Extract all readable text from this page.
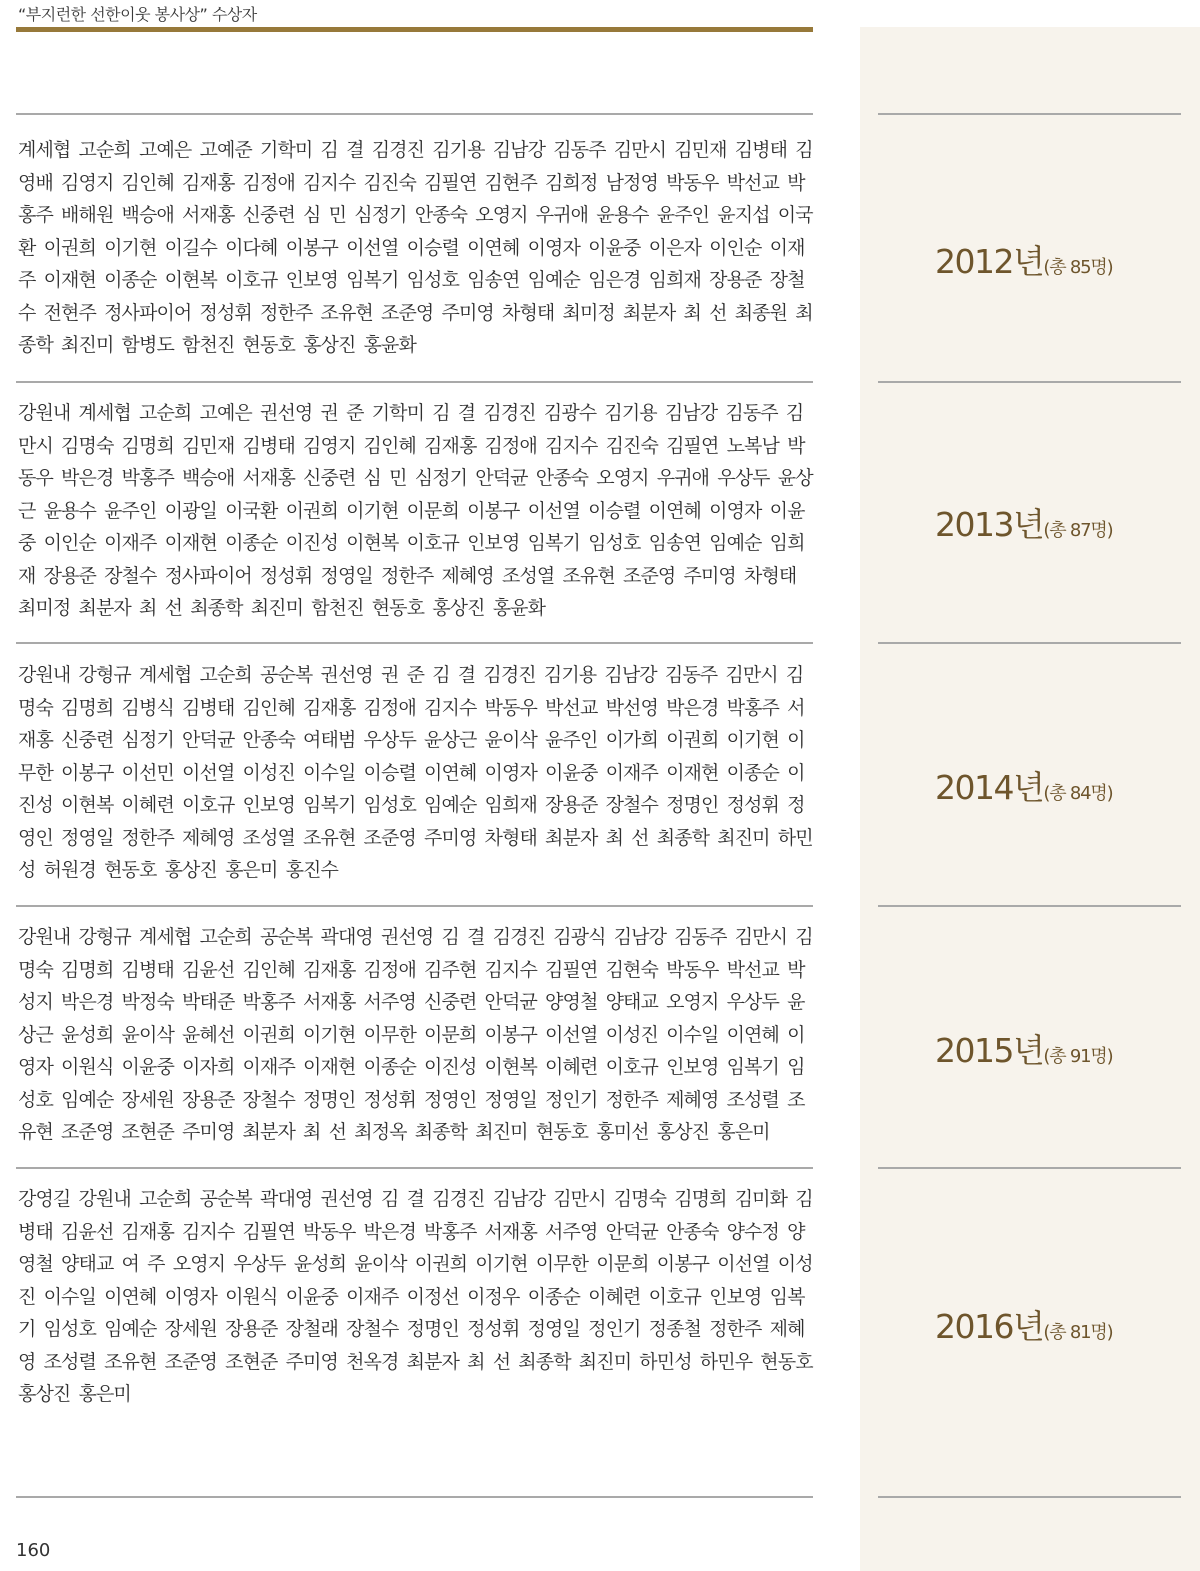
“부지런한 선한이웃 봉사상” 수상자
계세협 고순희 고예은 고예준 기학미 김 결 김경진 김기용 김남강 김동주 김만시 김민재 김병태 김영배 김영지 김인혜 김재홍 김정애 김지수 김진숙 김필연 김현주 김희정 남정영 박동우 박선교 박홍주 배해원 백승애 서재홍 신중련 심 민 심정기 안종숙 오영지 우귀애 윤용수 윤주인 윤지섭 이국환 이권희 이기현 이길수 이다혜 이봉구 이선열 이승렬 이연혜 이영자 이윤중 이은자 이인순 이재주 이재현 이종순 이현복 이호규 인보영 임복기 임성호 임송연 임예순 임은경 임희재 장용준 장철수 전현주 정사파이어 정성휘 정한주 조유현 조준영 주미영 차형태 최미정 최분자 최 선 최종원 최종학 최진미 함병도 함천진 현동호 홍상진 홍윤화
2012년(총 85명)
강원내 계세협 고순희 고예은 권선영 권 준 기학미 김 결 김경진 김광수 김기용 김남강 김동주 김만시 김명숙 김명희 김민재 김병태 김영지 김인혜 김재홍 김정애 김지수 김진숙 김필연 노복남 박동우 박은경 박홍주 백승애 서재홍 신중련 심 민 심정기 안덕균 안종숙 오영지 우귀애 우상두 윤상근 윤용수 윤주인 이광일 이국환 이권희 이기현 이문희 이봉구 이선열 이승렬 이연혜 이영자 이윤중 이인순 이재주 이재현 이종순 이진성 이현복 이호규 인보영 임복기 임성호 임송연 임예순 임희재 장용준 장철수 정사파이어 정성휘 정영일 정한주 제혜영 조성열 조유현 조준영 주미영 차형태 최미정 최분자 최 선 최종학 최진미 함천진 현동호 홍상진 홍윤화
2013년(총 87명)
강원내 강형규 계세협 고순희 공순복 권선영 권 준 김 결 김경진 김기용 김남강 김동주 김만시 김명숙 김명희 김병식 김병태 김인혜 김재홍 김정애 김지수 박동우 박선교 박선영 박은경 박홍주 서재홍 신중련 심정기 안덕균 안종숙 여태범 우상두 윤상근 윤이삭 윤주인 이가희 이권희 이기현 이무한 이봉구 이선민 이선열 이성진 이수일 이승렬 이연혜 이영자 이윤중 이재주 이재현 이종순 이진성 이현복 이혜련 이호규 인보영 임복기 임성호 임예순 임희재 장용준 장철수 정명인 정성휘 정영인 정영일 정한주 제혜영 조성열 조유현 조준영 주미영 차형태 최분자 최 선 최종학 최진미 하민성 허원경 현동호 홍상진 홍은미 홍진수
2014년(총 84명)
강원내 강형규 계세협 고순희 공순복 곽대영 권선영 김 결 김경진 김광식 김남강 김동주 김만시 김명숙 김명희 김병태 김윤선 김인혜 김재홍 김정애 김주현 김지수 김필연 김현숙 박동우 박선교 박성지 박은경 박정숙 박태준 박홍주 서재홍 서주영 신중련 안덕균 양영철 양태교 오영지 우상두 윤상근 윤성희 윤이삭 윤혜선 이권희 이기현 이무한 이문희 이봉구 이선열 이성진 이수일 이연혜 이영자 이원식 이윤중 이자희 이재주 이재현 이종순 이진성 이현복 이혜련 이호규 인보영 임복기 임성호 임예순 장세원 장용준 장철수 정명인 정성휘 정영인 정영일 정인기 정한주 제혜영 조성렬 조유현 조준영 조현준 주미영 최분자 최 선 최정옥 최종학 최진미 현동호 홍미선 홍상진 홍은미
2015년(총 91명)
강영길 강원내 고순희 공순복 곽대영 권선영 김 결 김경진 김남강 김만시 김명숙 김명희 김미화 김병태 김윤선 김재홍 김지수 김필연 박동우 박은경 박홍주 서재홍 서주영 안덕균 안종숙 양수정 양영철 양태교 여 주 오영지 우상두 윤성희 윤이삭 이권희 이기현 이무한 이문희 이봉구 이선열 이성진 이수일 이연혜 이영자 이원식 이윤중 이재주 이정선 이정우 이종순 이혜련 이호규 인보영 임복기 임성호 임예순 장세원 장용준 장철래 장철수 정명인 정성휘 정영일 정인기 정종철 정한주 제혜영 조성렬 조유현 조준영 조현준 주미영 천옥경 최분자 최 선 최종학 최진미 하민성 하민우 현동호 홍상진 홍은미
2016년(총 81명)
160
